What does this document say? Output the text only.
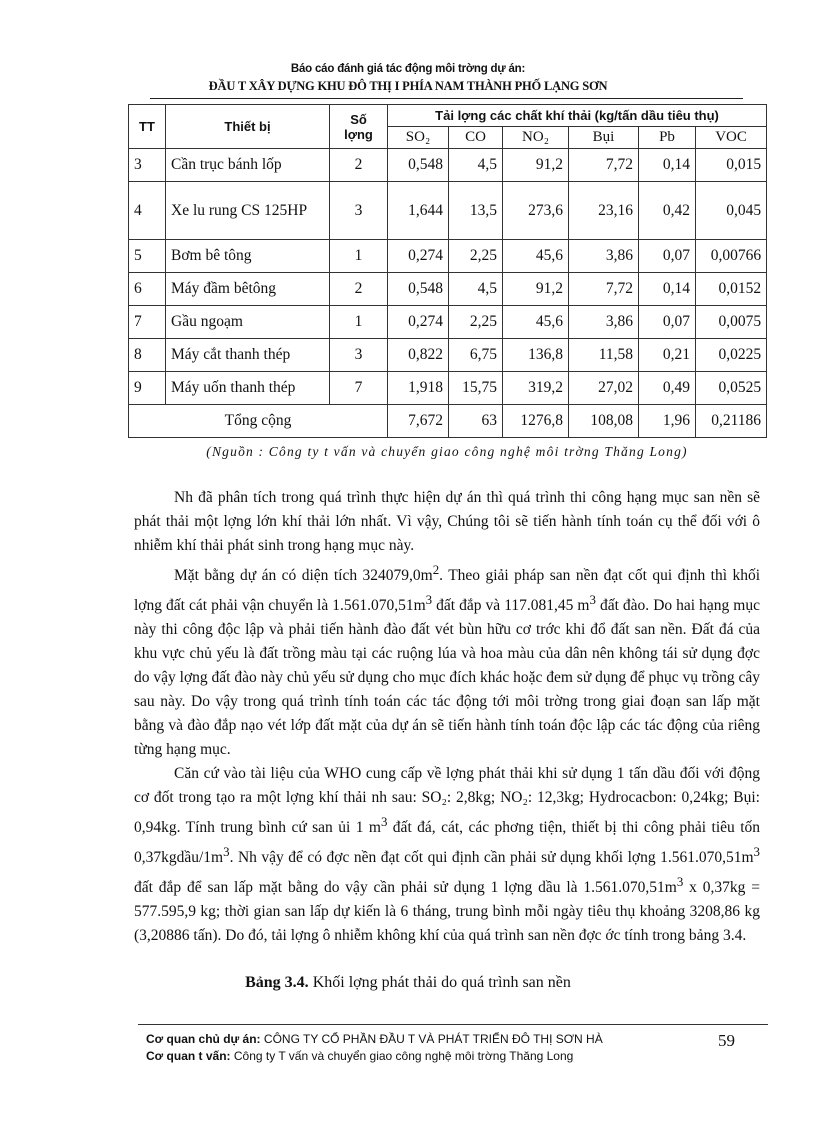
Báo cáo đánh giá tác động môi trờng dự án:
ĐẦU T XÂY DỰNG KHU ĐÔ THỊ I PHÍA NAM THÀNH PHỐ LẠNG SƠN
TT	Thiết bị	Số lợng	Tải lợng các chất khí thải (kg/tấn dầu tiêu thụ)					
			SO₂	CO	NO₂	Bụi	Pb	VOC
3	Cần trục bánh lốp	2	0,548	4,5	91,2	7,72	0,14	0,015
4	Xe lu rung CS 125HP	3	1,644	13,5	273,6	23,16	0,42	0,045
5	Bơm bê tông	1	0,274	2,25	45,6	3,86	0,07	0,00766
6	Máy đầm bêtông	2	0,548	4,5	91,2	7,72	0,14	0,0152
7	Gầu ngoạm	1	0,274	2,25	45,6	3,86	0,07	0,0075
8	Máy cắt thanh thép	3	0,822	6,75	136,8	11,58	0,21	0,0225
9	Máy uốn thanh thép	7	1,918	15,75	319,2	27,02	0,49	0,0525
Tổng cộng			7,672	63	1276,8	108,08	1,96	0,21186
(Nguồn : Công ty t vấn và chuyển giao công nghệ môi trờng Thăng Long)

Nh đã phân tích trong quá trình thực hiện dự án thì quá trình thi công hạng mục san nền sẽ phát thải một lợng lớn khí thải lớn nhất. Vì vậy, Chúng tôi sẽ tiến hành tính toán cụ thể đối với ô nhiễm khí thải phát sinh trong hạng mục này.

Mặt bằng dự án có diện tích $324079,0m^2$. Theo giải pháp san nền đạt cốt qui định thì khối lợng đất cát phải vận chuyển là $1.561.070,51m^3$ đất đắp và 117.081,45 $m^3$ đất đào. Do hai hạng mục này thi công độc lập và phải tiến hành đào đất vét bùn hữu cơ trớc khi đổ đất san nền. Đất đá của khu vực chủ yếu là đất trồng màu tại các ruộng lúa và hoa màu của dân nên không tái sử dụng đợc do vậy lợng đất đào này chủ yếu sử dụng cho mục đích khác hoặc đem sử dụng để phục vụ trồng cây sau này. Do vậy trong quá trình tính toán các tác động tới môi trờng trong giai đoạn san lấp mặt bằng và đào đắp nạo vét lớp đất mặt của dự án sẽ tiến hành tính toán độc lập các tác động của riêng từng hạng mục.

Căn cứ vào tài liệu của WHO cung cấp về lợng phát thải khi sử dụng 1 tấn dầu đối với động cơ đốt trong tạo ra một lợng khí thải nh sau: SO₂: 2,8kg; NO₂: 12,3kg; Hydrocacbon: 0,24kg; Bụi: 0,94kg. Tính trung bình cứ san ủi 1 $m^3$ đất đá, cát, các phơng tiện, thiết bị thi công phải tiêu tốn $0,37kgdầu/1m^3$. Nh vậy để có đợc nền đạt cốt qui định cần phải sử dụng khối lợng $1.561.070,51m^3$ đất đắp để san lấp mặt bằng do vậy cần phải sử dụng 1 lợng dầu là $1.561.070,51m^3$ x 0,37kg = 577.595,9 kg; thời gian san lấp dự kiến là 6 tháng, trung bình mỗi ngày tiêu thụ khoảng 3208,86 kg (3,20886 tấn). Do đó, tải lợng ô nhiễm không khí của quá trình san nền đợc ớc tính trong bảng 3.4.

Bảng 3.4. Khối lợng phát thải do quá trình san nền
Cơ quan chủ dự án: CÔNG TY CỔ PHẦN ĐẦU T VÀ PHÁT TRIỂN ĐÔ THỊ SƠN HÀ
Cơ quan t vấn: Công ty T vấn và chuyển giao công nghệ môi trờng Thăng Long
59
